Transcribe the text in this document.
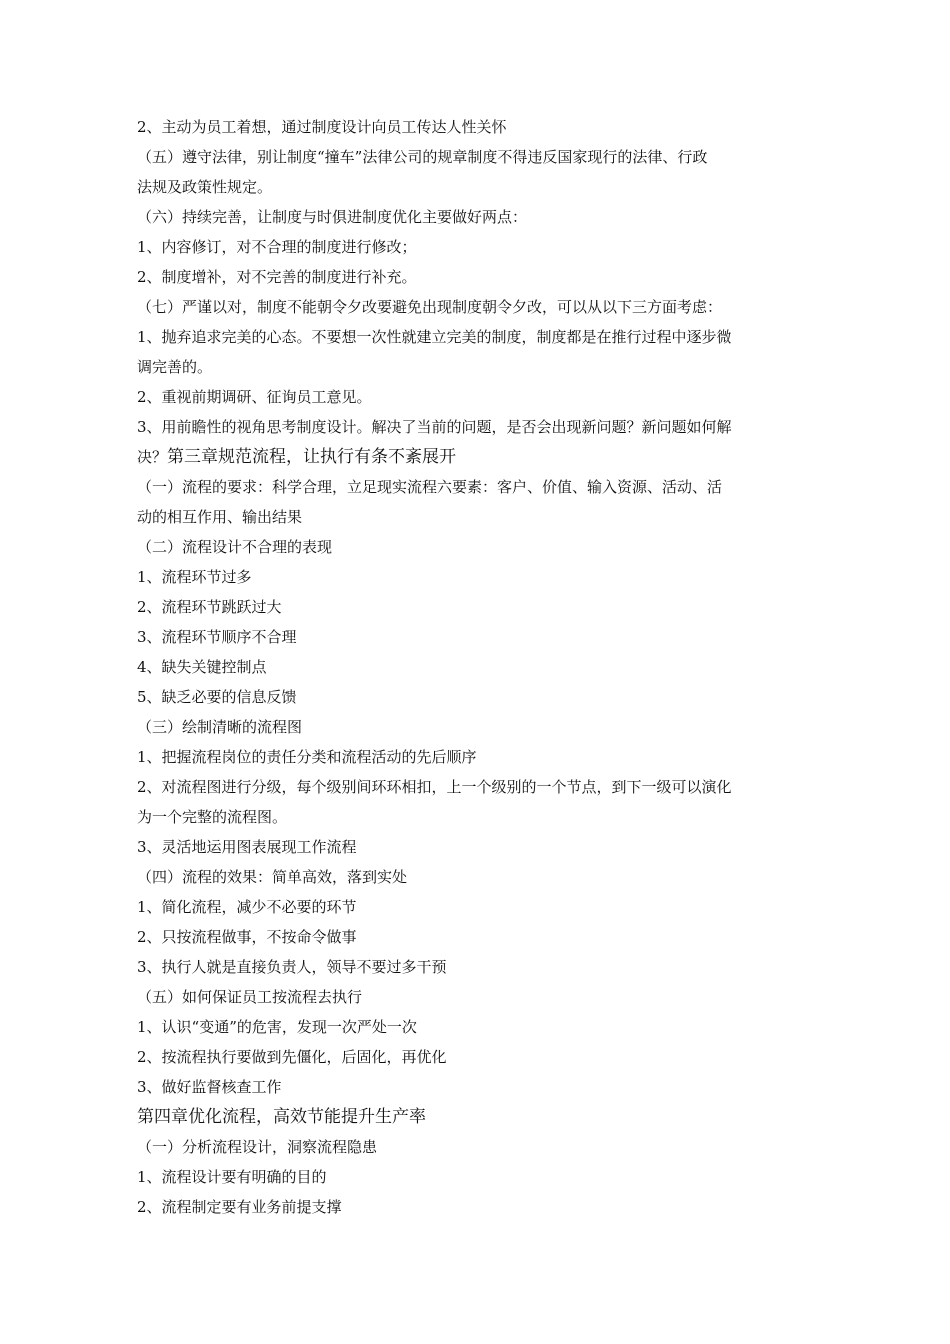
2、主动为员工着想，通过制度设计向员工传达人性关怀

（五）遵守法律，别让制度“撞车”法律公司的规章制度不得违反国家现行的法律、行政

法规及政策性规定。

（六）持续完善，让制度与时俱进制度优化主要做好两点：

1、内容修订，对不合理的制度进行修改；

2、制度增补，对不完善的制度进行补充。

（七）严谨以对，制度不能朝令夕改要避免出现制度朝令夕改，可以从以下三方面考虑：

1、抛弃追求完美的心态。不要想一次性就建立完美的制度，制度都是在推行过程中逐步微

调完善的。

2、重视前期调研、征询员工意见。

3、用前瞻性的视角思考制度设计。解决了当前的问题，是否会出现新问题？新问题如何解

决？第三章规范流程，让执行有条不紊展开

（一）流程的要求：科学合理，立足现实流程六要素：客户、价值、输入资源、活动、活

动的相互作用、输出结果

（二）流程设计不合理的表现

1、流程环节过多

2、流程环节跳跃过大

3、流程环节顺序不合理

4、缺失关键控制点

5、缺乏必要的信息反馈

（三）绘制清晰的流程图

1、把握流程岗位的责任分类和流程活动的先后顺序

2、对流程图进行分级，每个级别间环环相扣，上一个级别的一个节点，到下一级可以演化

为一个完整的流程图。

3、灵活地运用图表展现工作流程

（四）流程的效果：简单高效，落到实处

1、简化流程，减少不必要的环节

2、只按流程做事，不按命令做事

3、执行人就是直接负责人，领导不要过多干预

（五）如何保证员工按流程去执行

1、认识“变通”的危害，发现一次严处一次

2、按流程执行要做到先僵化，后固化，再优化

3、做好监督核查工作

第四章优化流程，高效节能提升生产率

（一）分析流程设计，洞察流程隐患

1、流程设计要有明确的目的

2、流程制定要有业务前提支撑
